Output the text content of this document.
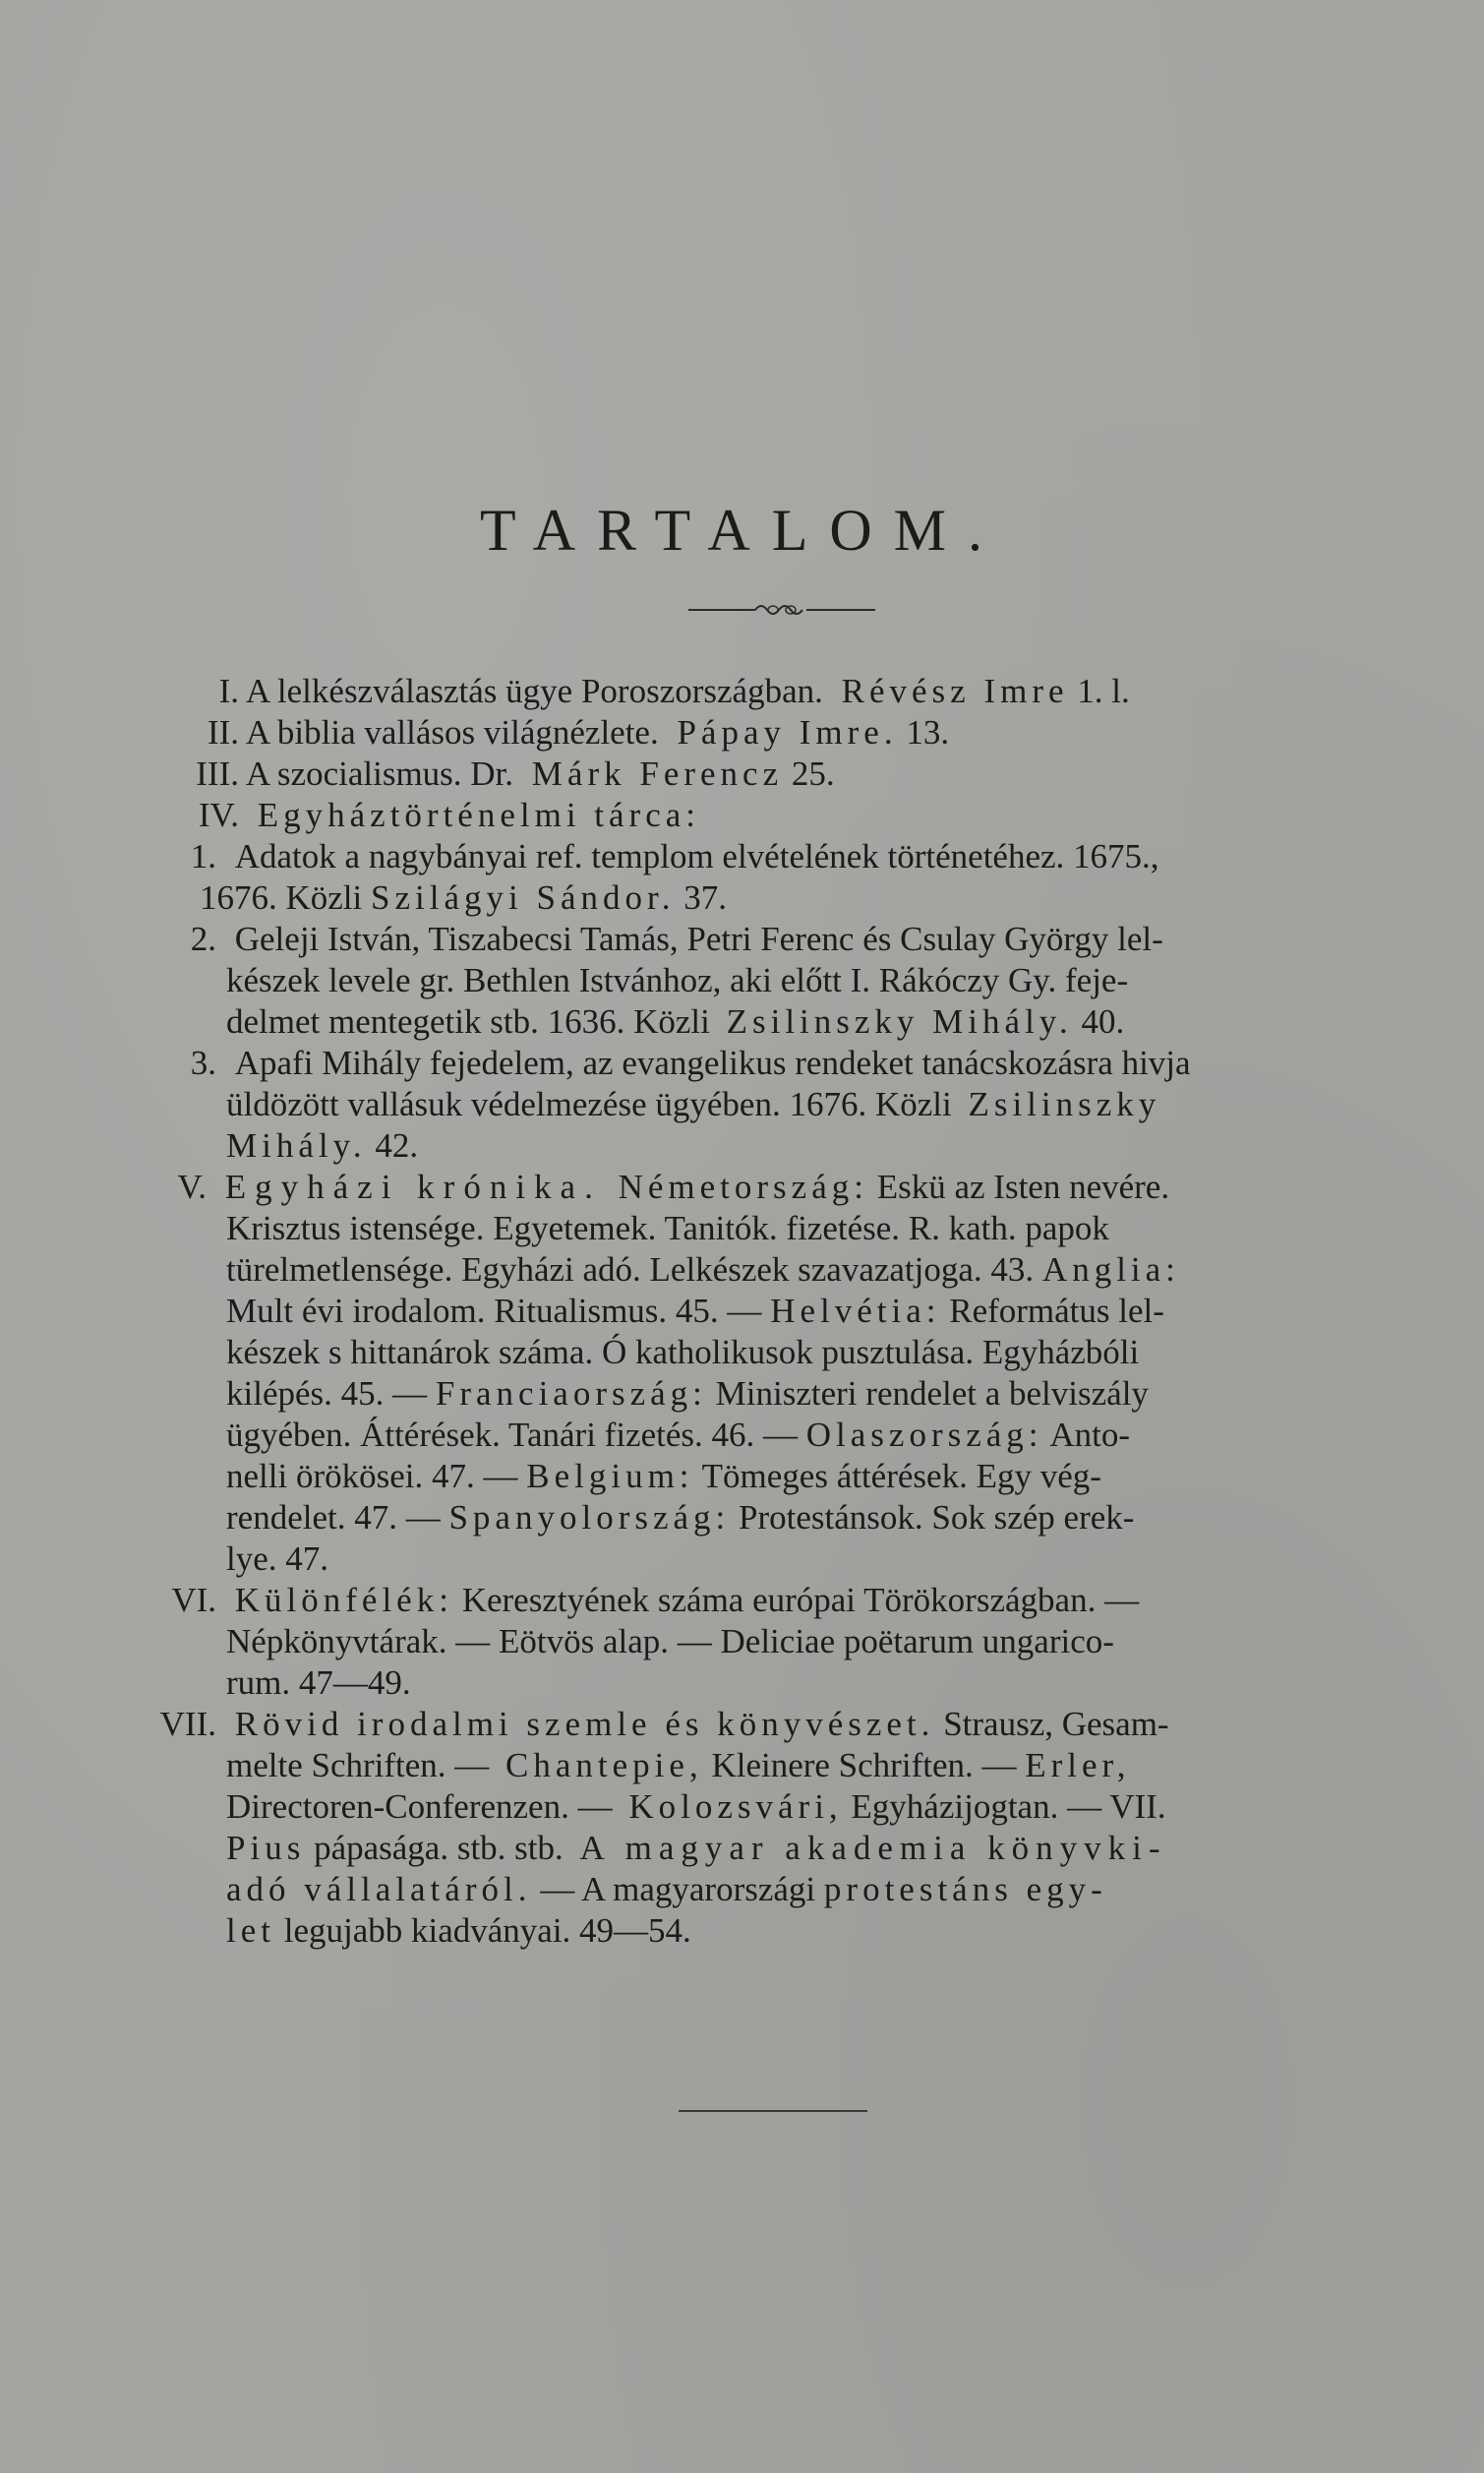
TARTALOM.
I. A lelkészválasztás ügye Poroszországban. Révész Imre 1. l.
II. A biblia vallásos világnézlete. Pápay Imre. 13.
III. A szocialismus. Dr. Márk Ferencz 25.
IV. Egyháztörténelmi tárca:
1. Adatok a nagybányai ref. templom elvételének történetéhez. 1675.,
1676. Közli Szilágyi Sándor. 37.
2. Geleji István, Tiszabecsi Tamás, Petri Ferenc és Csulay György lel-
készek levele gr. Bethlen Istvánhoz, aki előtt I. Rákóczy Gy. feje-
delmet mentegetik stb. 1636. Közli Zsilinszky Mihály. 40.
3. Apafi Mihály fejedelem, az evangelikus rendeket tanácskozásra hivja
üldözött vallásuk védelmezése ügyében. 1676. Közli Zsilinszky
Mihály. 42.
V. Egyházi krónika. Németország: Eskü az Isten nevére.
Krisztus istensége. Egyetemek. Tanitók. fizetése. R. kath. papok
türelmetlensége. Egyházi adó. Lelkészek szavazatjoga. 43. Anglia:
Mult évi irodalom. Ritualismus. 45. — Helvétia: Református lel-
készek s hittanárok száma. Ó katholikusok pusztulása. Egyházbóli
kilépés. 45. — Franciaország: Miniszteri rendelet a belviszály
ügyében. Áttérések. Tanári fizetés. 46. — Olaszország: Anto-
nelli örökösei. 47. — Belgium: Tömeges áttérések. Egy vég-
rendelet. 47. — Spanyolország: Protestánsok. Sok szép erek-
lye. 47.
VI. Különfélék: Keresztyének száma európai Törökországban. —
Népkönyvtárak. — Eötvös alap. — Deliciae poëtarum ungarico-
rum. 47—49.
VII. Rövid irodalmi szemle és könyvészet. Strausz, Gesam-
melte Schriften. — Chantepie, Kleinere Schriften. — Erler,
Directoren-Conferenzen. — Kolozsvári, Egyházijogtan. — VII.
Pius pápasága. stb. stb. A magyar akademia könyvki-
adó vállalatáról. — A magyarországi protestáns egy-
let legujabb kiadványai. 49—54.
